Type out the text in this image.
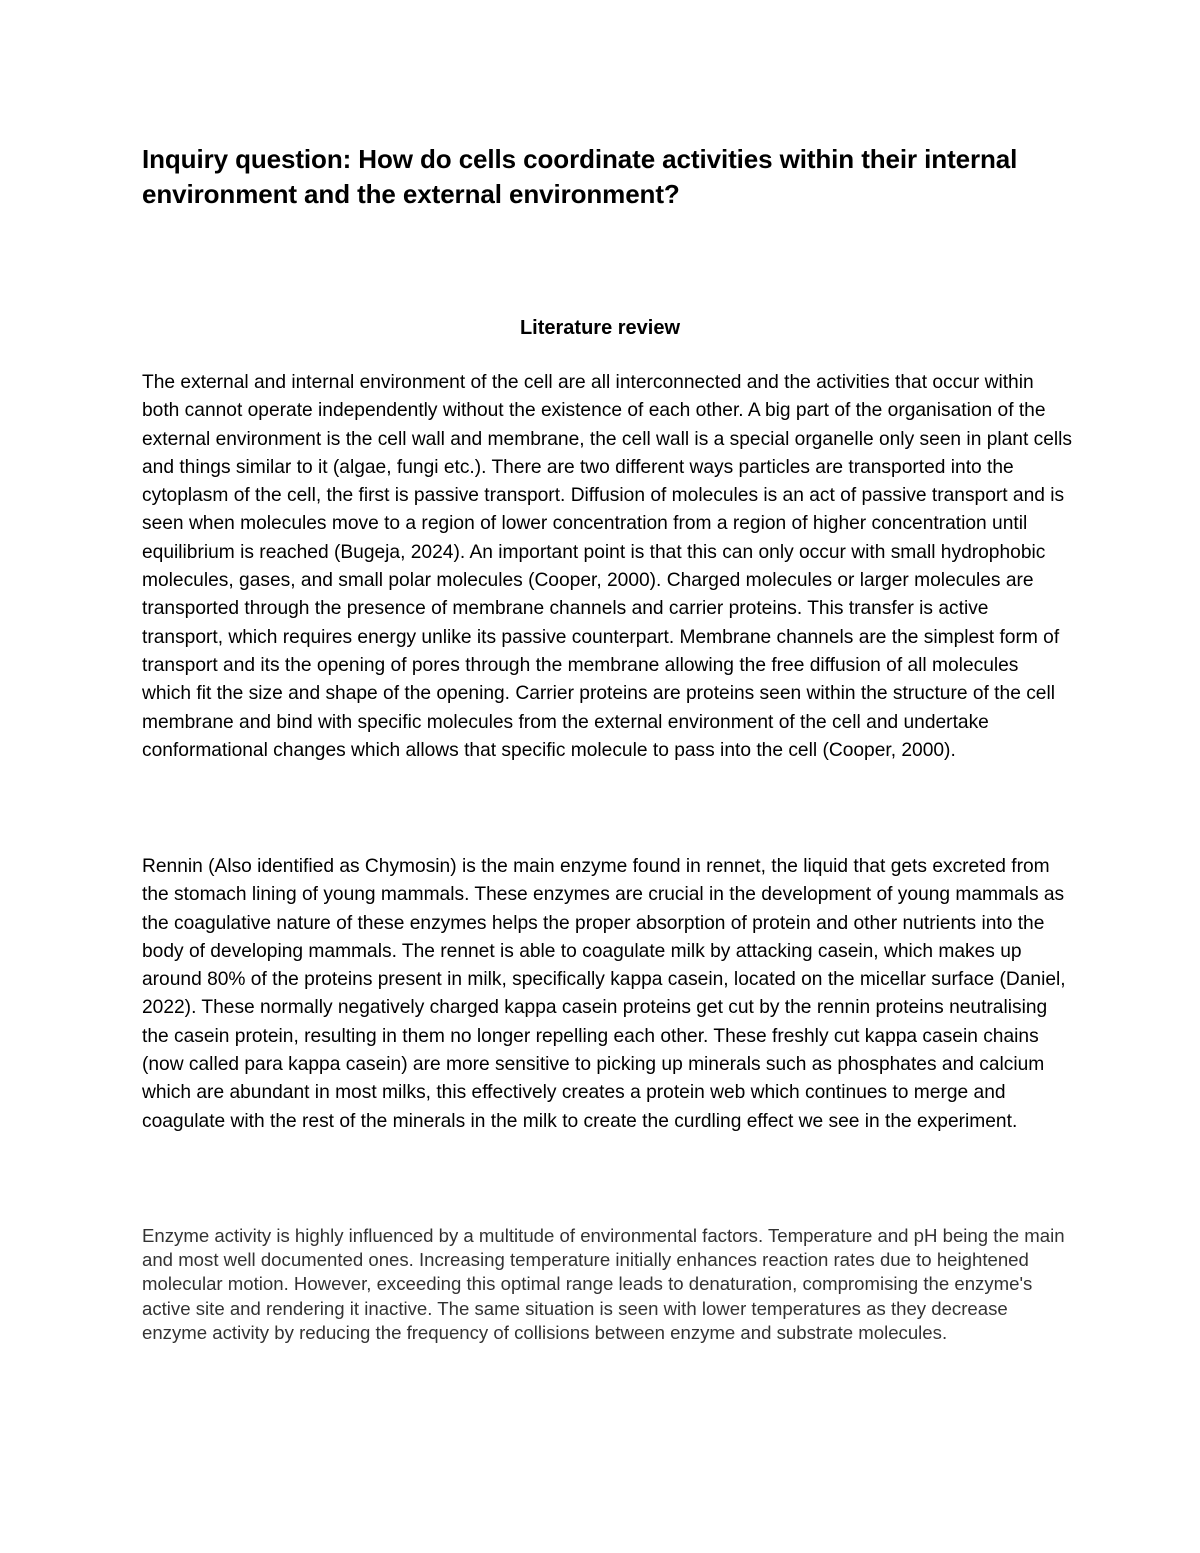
Inquiry question: How do cells coordinate activities within their internal environment and the external environment?
Literature review

The external and internal environment of the cell are all interconnected and the activities that occur within both cannot operate independently without the existence of each other. A big part of the organisation of the external environment is the cell wall and membrane, the cell wall is a special organelle only seen in plant cells and things similar to it (algae, fungi etc.). There are two different ways particles are transported into the cytoplasm of the cell, the first is passive transport. Diffusion of molecules is an act of passive transport and is seen when molecules move to a region of lower concentration from a region of higher concentration until equilibrium is reached (Bugeja, 2024). An important point is that this can only occur with small hydrophobic molecules, gases, and small polar molecules (Cooper, 2000). Charged molecules or larger molecules are transported through the presence of membrane channels and carrier proteins. This transfer is active transport, which requires energy unlike its passive counterpart. Membrane channels are the simplest form of transport and its the opening of pores through the membrane allowing the free diffusion of all molecules which fit the size and shape of the opening. Carrier proteins are proteins seen within the structure of the cell membrane and bind with specific molecules from the external environment of the cell and undertake conformational changes which allows that specific molecule to pass into the cell (Cooper, 2000).

Rennin (Also identified as Chymosin) is the main enzyme found in rennet, the liquid that gets excreted from the stomach lining of young mammals. These enzymes are crucial in the development of young mammals as the coagulative nature of these enzymes helps the proper absorption of protein and other nutrients into the body of developing mammals. The rennet is able to coagulate milk by attacking casein, which makes up around 80% of the proteins present in milk, specifically kappa casein, located on the micellar surface (Daniel, 2022). These normally negatively charged kappa casein proteins get cut by the rennin proteins neutralising the casein protein, resulting in them no longer repelling each other. These freshly cut kappa casein chains (now called para kappa casein) are more sensitive to picking up minerals such as phosphates and calcium which are abundant in most milks, this effectively creates a protein web which continues to merge and coagulate with the rest of the minerals in the milk to create the curdling effect we see in the experiment.

Enzyme activity is highly influenced by a multitude of environmental factors. Temperature and pH being the main and most well documented ones. Increasing temperature initially enhances reaction rates due to heightened molecular motion. However, exceeding this optimal range leads to denaturation, compromising the enzyme's active site and rendering it inactive. The same situation is seen with lower temperatures as they decrease enzyme activity by reducing the frequency of collisions between enzyme and substrate molecules.
